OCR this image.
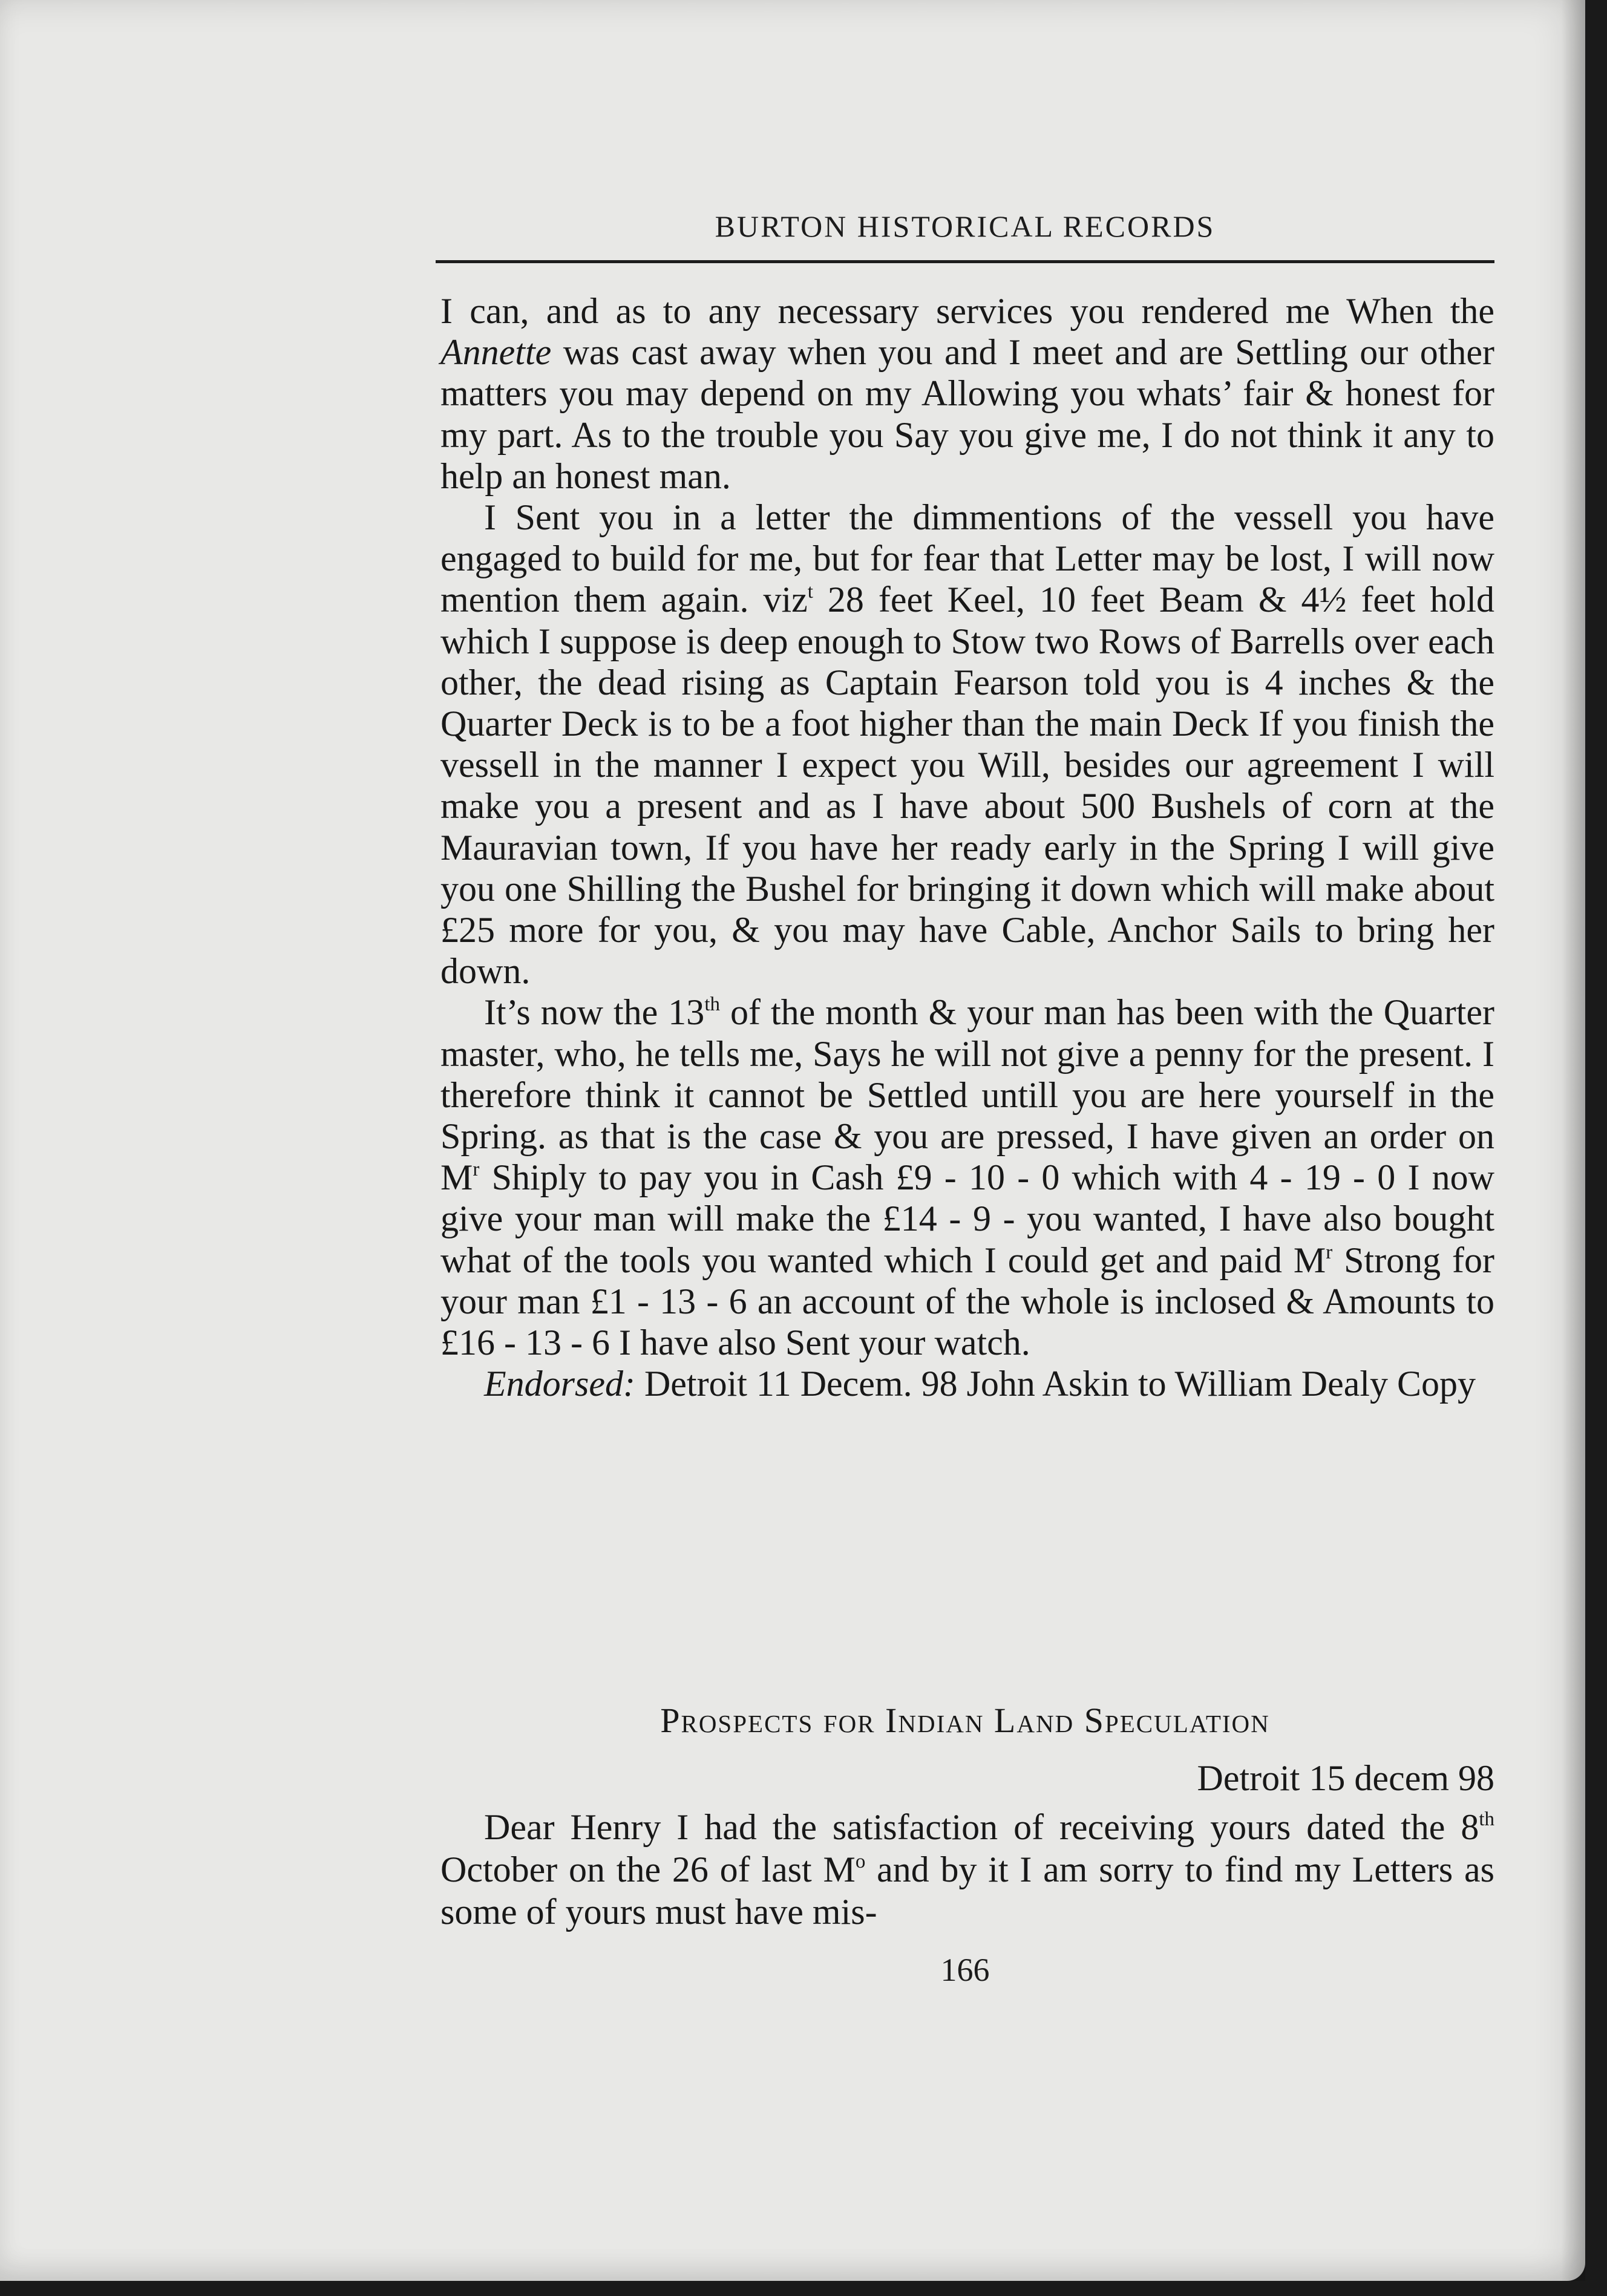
BURTON HISTORICAL RECORDS

I can, and as to any necessary services you rendered me When the Annette was cast away when you and I meet and are Settling our other matters you may depend on my Allowing you whats’ fair & honest for my part. As to the trouble you Say you give me, I do not think it any to help an honest man.

I Sent you in a letter the dimmentions of the vessell you have engaged to build for me, but for fear that Letter may be lost, I will now mention them again. viz$^t$ 28 feet Keel, 10 feet Beam & 4½ feet hold which I suppose is deep enough to Stow two Rows of Barrells over each other, the dead rising as Captain Fearson told you is 4 inches & the Quarter Deck is to be a foot higher than the main Deck If you finish the vessell in the manner I expect you Will, besides our agreement I will make you a present and as I have about 500 Bushels of corn at the Mauravian town, If you have her ready early in the Spring I will give you one Shilling the Bushel for bringing it down which will make about £25 more for you, & you may have Cable, Anchor Sails to bring her down.

It’s now the 13th of the month & your man has been with the Quarter master, who, he tells me, Says he will not give a penny for the present. I therefore think it cannot be Settled untill you are here yourself in the Spring. as that is the case & you are pressed, I have given an order on $M^r$ Shiply to pay you in Cash £9 - 10 - 0 which with 4 - 19 - 0 I now give your man will make the £14 - 9 - you wanted, I have also bought what of the tools you wanted which I could get and paid $M^r$ Strong for your man £1 - 13 - 6 an account of the whole is inclosed & Amounts to £16 - 13 - 6 I have also Sent your watch.

Endorsed: Detroit 11 Decem. 98 John Askin to William Dealy Copy

Prospects for Indian Land Speculation
Detroit 15 decem 98

Dear Henry I had the satisfaction of receiving yours dated the 8th October on the 26 of last $M^o$ and by it I am sorry to find my Letters as some of yours must have mis-

166
